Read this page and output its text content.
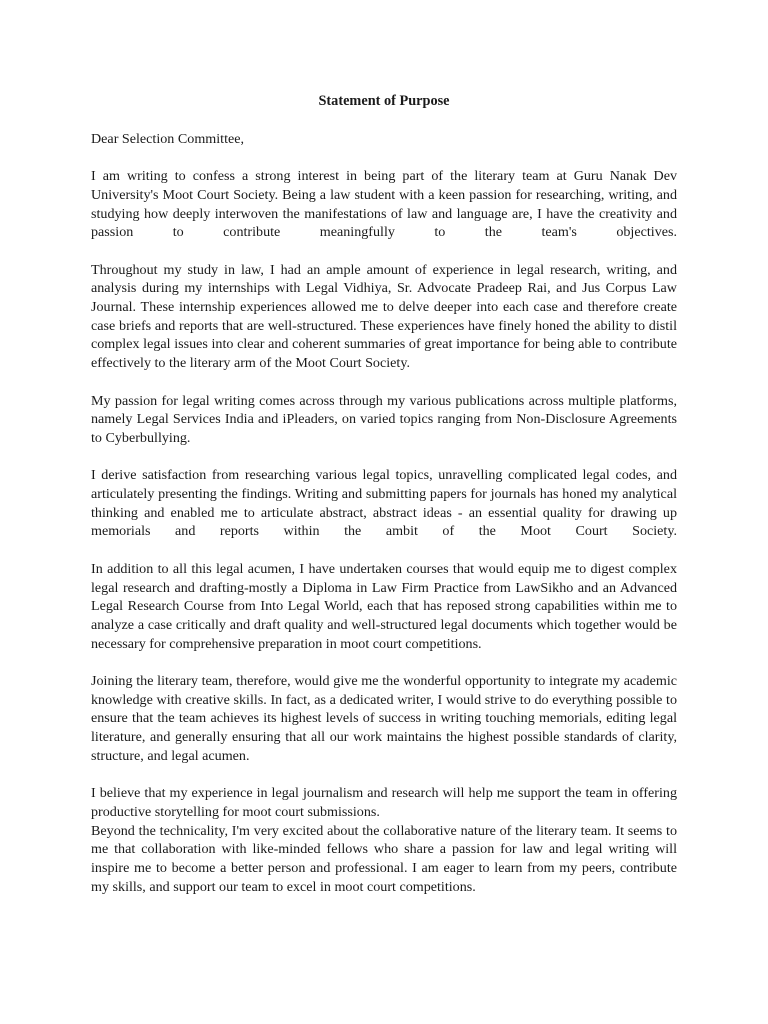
Statement of Purpose
Dear Selection Committee,

I am writing to confess a strong interest in being part of the literary team at Guru Nanak Dev University's Moot Court Society. Being a law student with a keen passion for researching, writing, and studying how deeply interwoven the manifestations of law and language are, I have the creativity and passion to contribute meaningfully to the team's objectives.

Throughout my study in law, I had an ample amount of experience in legal research, writing, and analysis during my internships with Legal Vidhiya, Sr. Advocate Pradeep Rai, and Jus Corpus Law Journal. These internship experiences allowed me to delve deeper into each case and therefore create case briefs and reports that are well-structured. These experiences have finely honed the ability to distil complex legal issues into clear and coherent summaries of great importance for being able to contribute effectively to the literary arm of the Moot Court Society.

My passion for legal writing comes across through my various publications across multiple platforms, namely Legal Services India and iPleaders, on varied topics ranging from Non-Disclosure Agreements to Cyberbullying.

I derive satisfaction from researching various legal topics, unravelling complicated legal codes, and articulately presenting the findings. Writing and submitting papers for journals has honed my analytical thinking and enabled me to articulate abstract, abstract ideas - an essential quality for drawing up memorials and reports within the ambit of the Moot Court Society.

In addition to all this legal acumen, I have undertaken courses that would equip me to digest complex legal research and drafting-mostly a Diploma in Law Firm Practice from LawSikho and an Advanced Legal Research Course from Into Legal World, each that has reposed strong capabilities within me to analyze a case critically and draft quality and well-structured legal documents which together would be necessary for comprehensive preparation in moot court competitions.

Joining the literary team, therefore, would give me the wonderful opportunity to integrate my academic knowledge with creative skills. In fact, as a dedicated writer, I would strive to do everything possible to ensure that the team achieves its highest levels of success in writing touching memorials, editing legal literature, and generally ensuring that all our work maintains the highest possible standards of clarity, structure, and legal acumen.

I believe that my experience in legal journalism and research will help me support the team in offering productive storytelling for moot court submissions.

Beyond the technicality, I'm very excited about the collaborative nature of the literary team. It seems to me that collaboration with like-minded fellows who share a passion for law and legal writing will inspire me to become a better person and professional. I am eager to learn from my peers, contribute my skills, and support our team to excel in moot court competitions.
